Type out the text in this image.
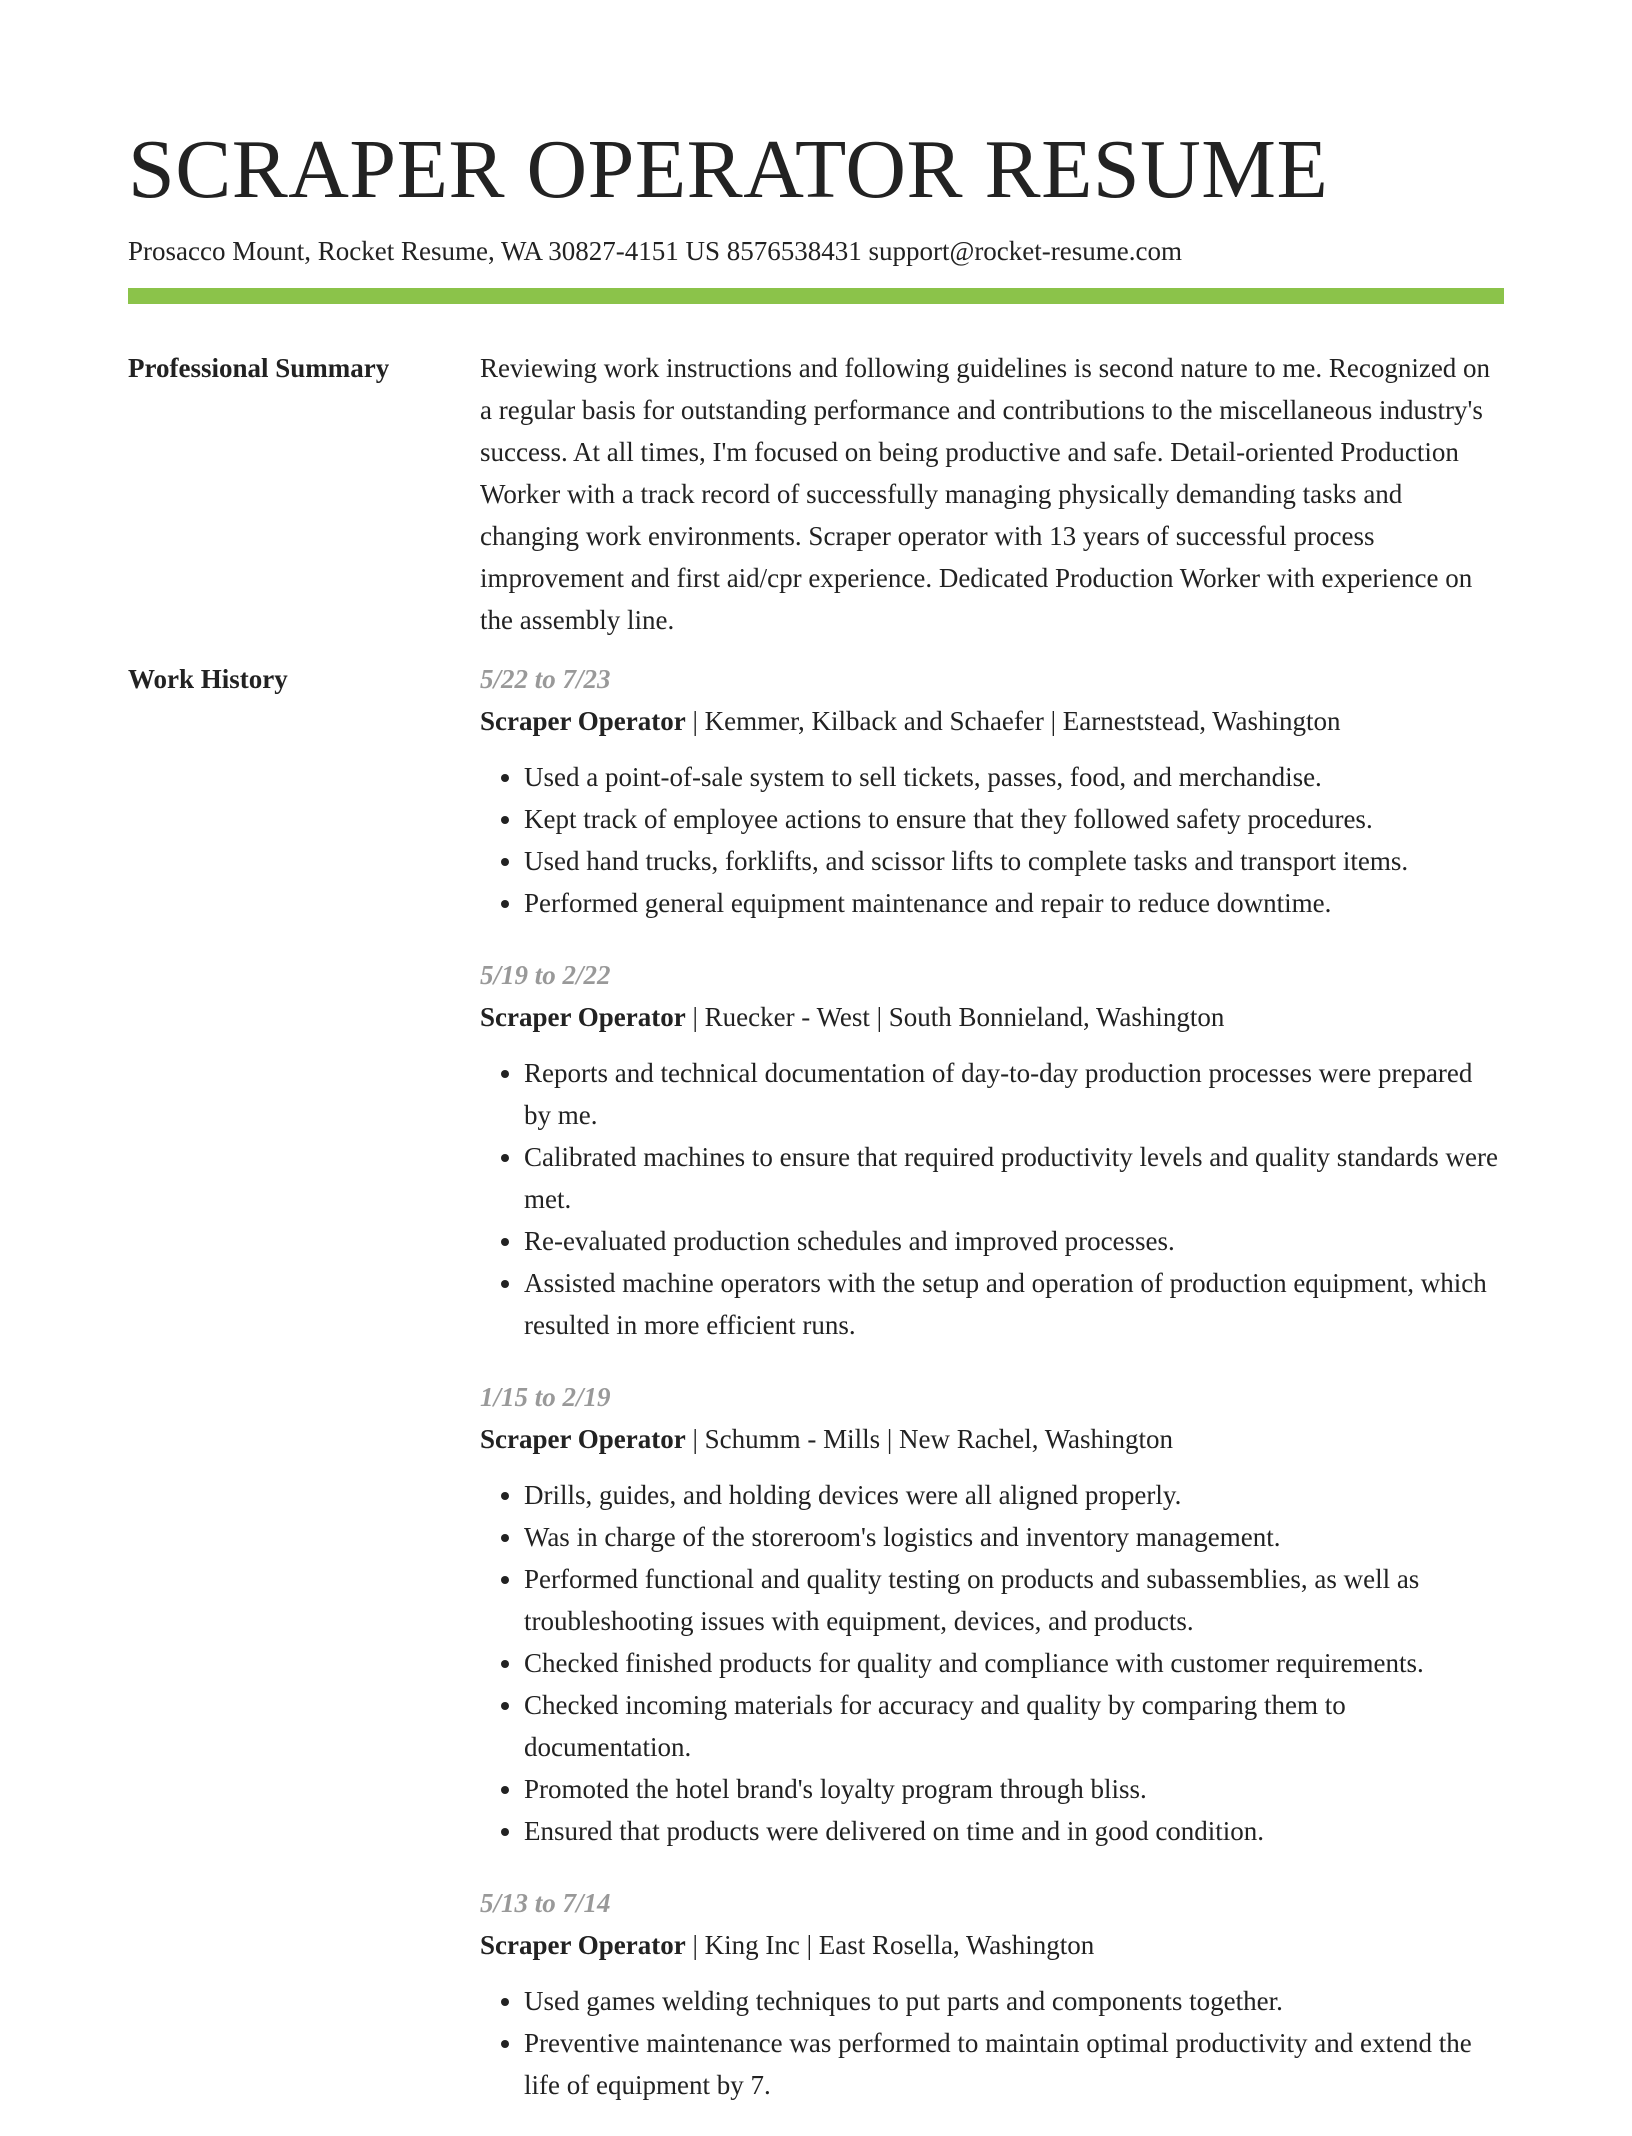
SCRAPER OPERATOR RESUME
Prosacco Mount, Rocket Resume, WA 30827-4151 US 8576538431 support@rocket-resume.com
Professional Summary	Reviewing work instructions and following guidelines is second nature to me. Recognized on a regular basis for outstanding performance and contributions to the miscellaneous industry's success. At all times, I'm focused on being productive and safe. Detail-oriented Production Worker with a track record of successfully managing physically demanding tasks and changing work environments. Scraper operator with 13 years of successful process improvement and first aid/cpr experience. Dedicated Production Worker with experience on the assembly line.

Work History	5/22 to 7/23
Scraper Operator | Kemmer, Kilback and Schaefer | Earneststead, Washington
• Used a point-of-sale system to sell tickets, passes, food, and merchandise.
• Kept track of employee actions to ensure that they followed safety procedures.
• Used hand trucks, forklifts, and scissor lifts to complete tasks and transport items.
• Performed general equipment maintenance and repair to reduce downtime.
5/19 to 2/22
Scraper Operator | Ruecker - West | South Bonnieland, Washington
• Reports and technical documentation of day-to-day production processes were prepared by me.
• Calibrated machines to ensure that required productivity levels and quality standards were met.
• Re-evaluated production schedules and improved processes.
• Assisted machine operators with the setup and operation of production equipment, which resulted in more efficient runs.
1/15 to 2/19
Scraper Operator | Schumm - Mills | New Rachel, Washington
• Drills, guides, and holding devices were all aligned properly.
• Was in charge of the storeroom's logistics and inventory management.
• Performed functional and quality testing on products and subassemblies, as well as troubleshooting issues with equipment, devices, and products.
• Checked finished products for quality and compliance with customer requirements.
• Checked incoming materials for accuracy and quality by comparing them to documentation.
• Promoted the hotel brand's loyalty program through bliss.
• Ensured that products were delivered on time and in good condition.
5/13 to 7/14
Scraper Operator | King Inc | East Rosella, Washington
• Used games welding techniques to put parts and components together.
• Preventive maintenance was performed to maintain optimal productivity and extend the life of equipment by 7.
